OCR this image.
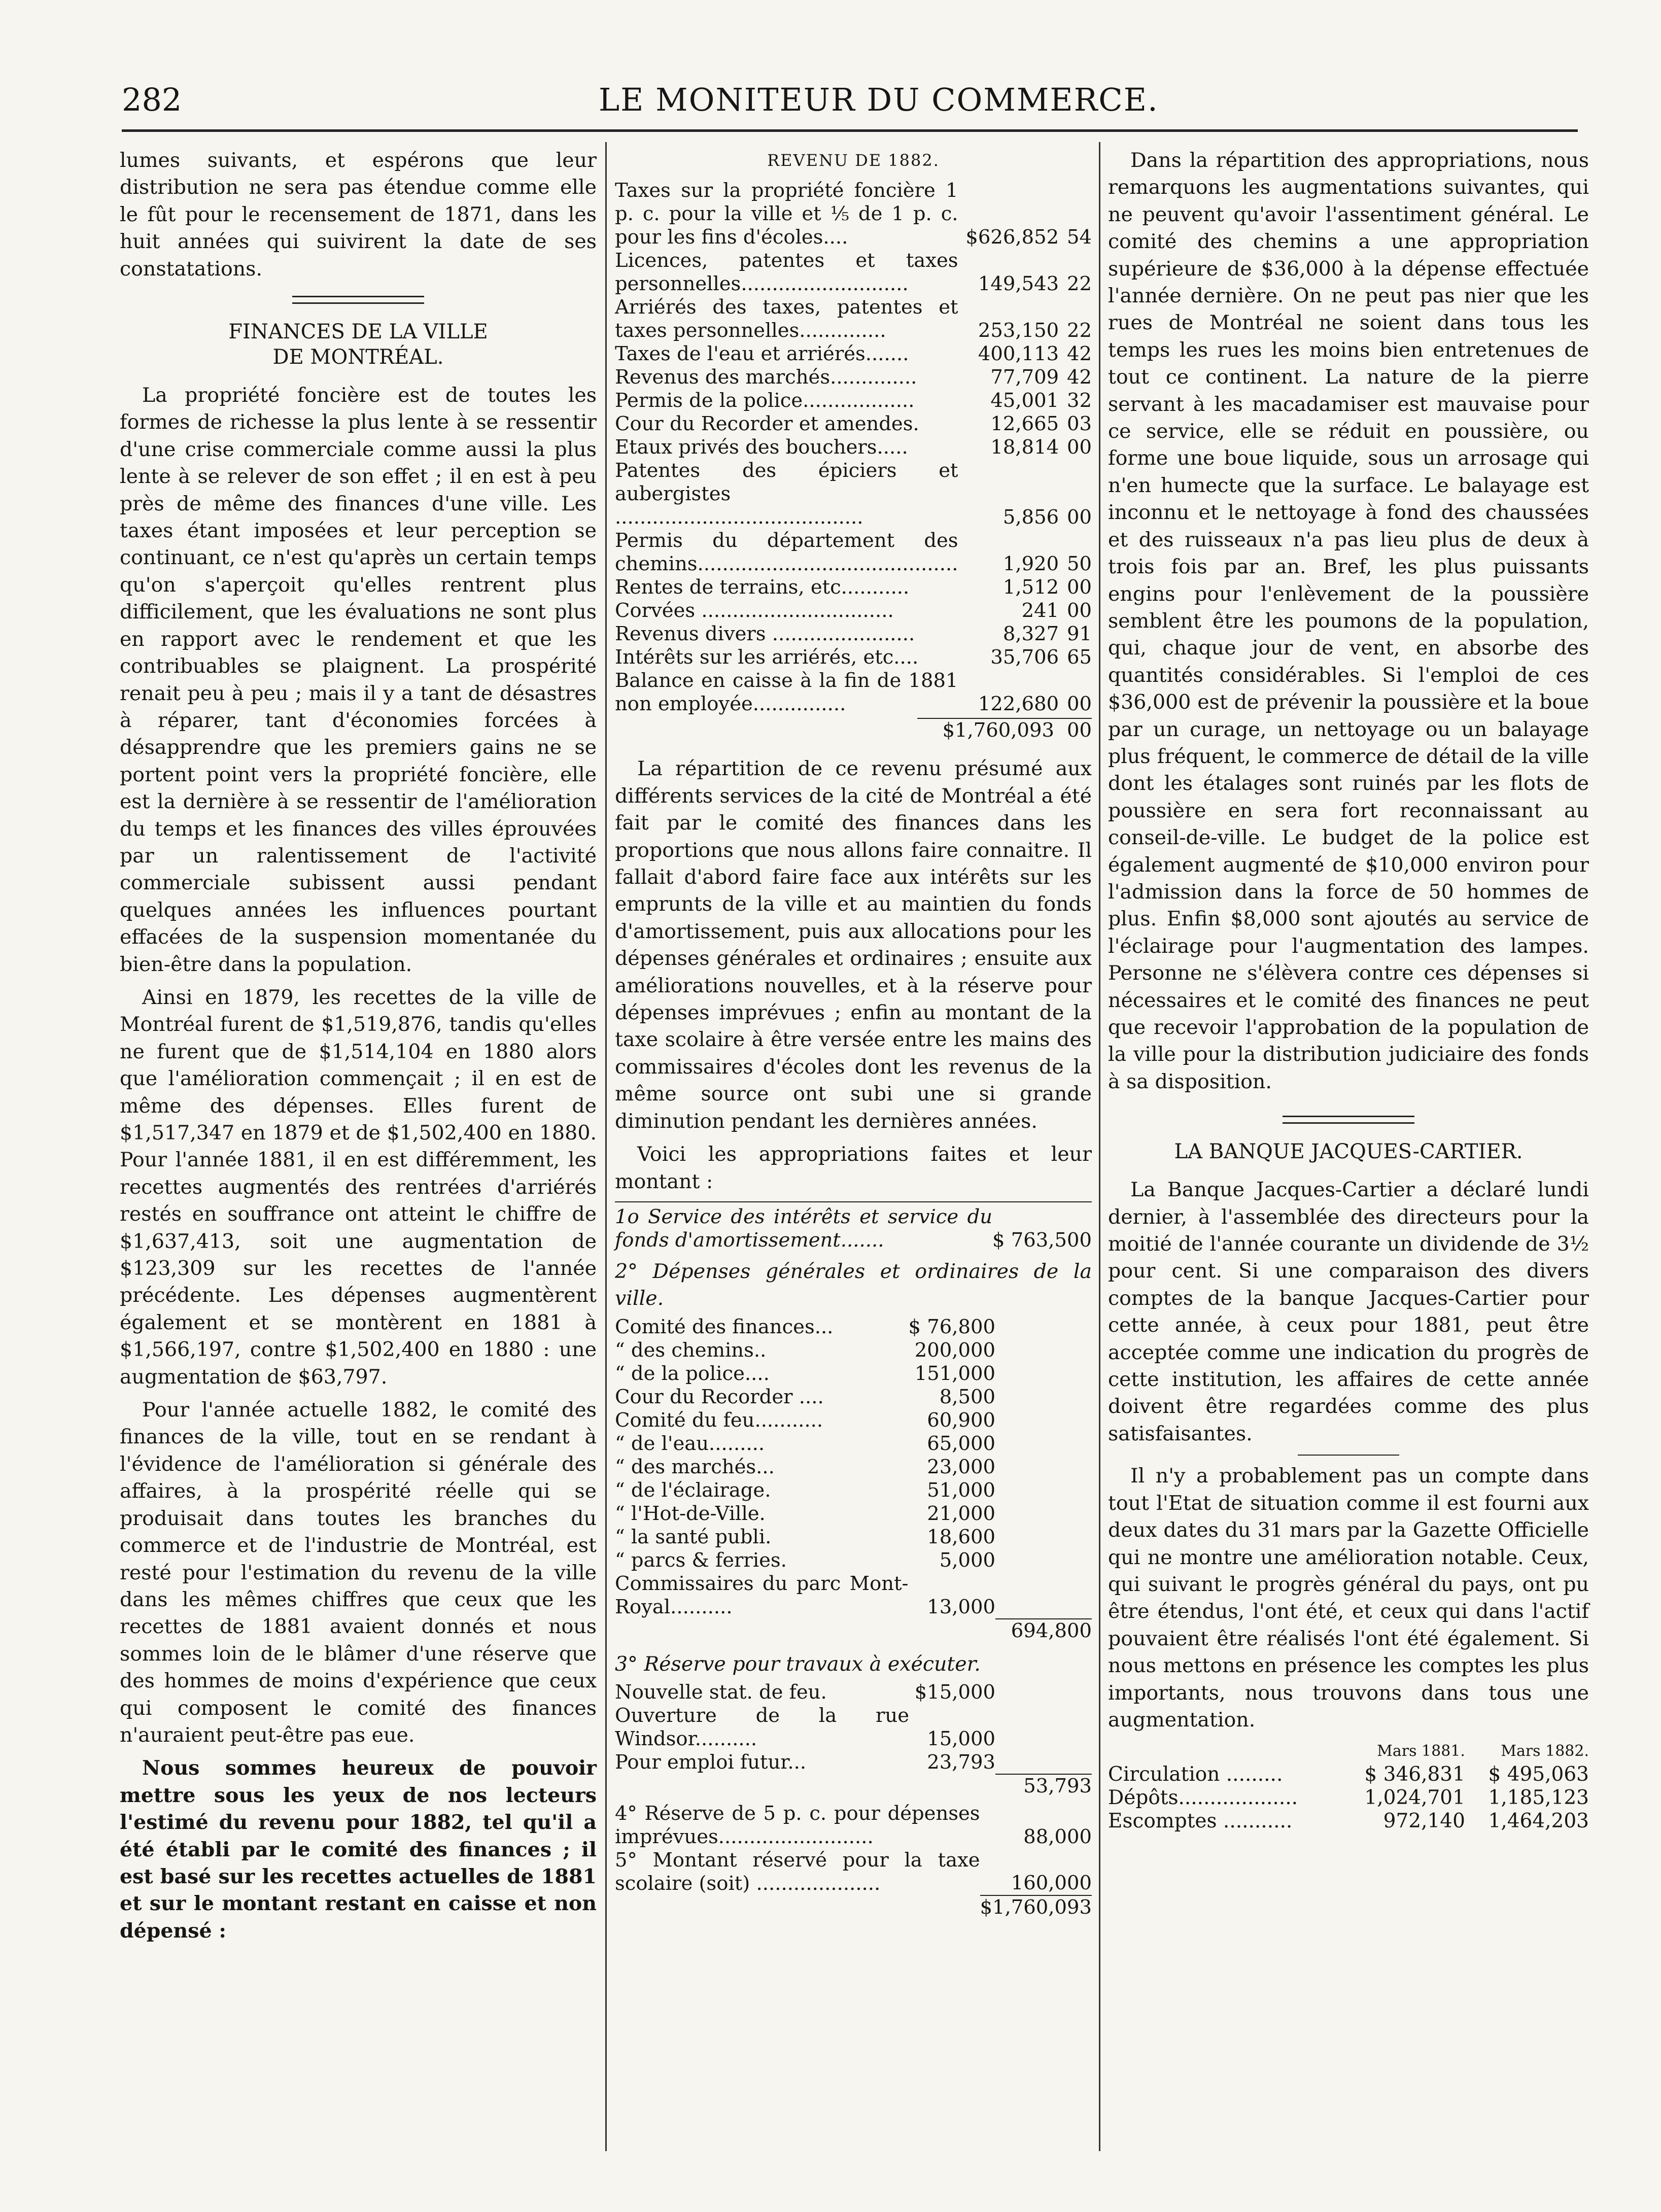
282	LE MONITEUR DU COMMERCE.

lumes suivants, et espérons que leur distribution ne sera pas étendue comme elle le fût pour le recensement de 1871, dans les huit années qui suivirent la date de ses constatations.

FINANCES DE LA VILLE
DE MONTRÉAL.

La propriété foncière est de toutes les formes de richesse la plus lente à se ressentir d'une crise commerciale comme aussi la plus lente à se relever de son effet ; il en est à peu près de même des finances d'une ville. Les taxes étant imposées et leur perception se continuant, ce n'est qu'après un certain temps qu'on s'aperçoit qu'elles rentrent plus difficilement, que les évaluations ne sont plus en rapport avec le rendement et que les contribuables se plaignent. La prospérité renait peu à peu ; mais il y a tant de désastres à réparer, tant d'économies forcées à désapprendre que les premiers gains ne se portent point vers la propriété foncière, elle est la dernière à se ressentir de l'amélioration du temps et les finances des villes éprouvées par un ralentissement de l'activité commerciale subissent aussi pendant quelques années les influences pourtant effacées de la suspension momentanée du bien-être dans la population.

Ainsi en 1879, les recettes de la ville de Montréal furent de $1,519,876, tandis qu'elles ne furent que de $1,514,104 en 1880 alors que l'amélioration commençait ; il en est de même des dépenses. Elles furent de $1,517,347 en 1879 et de $1,502,400 en 1880. Pour l'année 1881, il en est différemment, les recettes augmentés des rentrées d'arriérés restés en souffrance ont atteint le chiffre de $1,637,413, soit une augmentation de $123,309 sur les recettes de l'année précédente. Les dépenses augmentèrent également et se montèrent en 1881 à $1,566,197, contre $1,502,400 en 1880 : une augmentation de $63,797.

Pour l'année actuelle 1882, le comité des finances de la ville, tout en se rendant à l'évidence de l'amélioration si générale des affaires, à la prospérité réelle qui se produisait dans toutes les branches du commerce et de l'industrie de Montréal, est resté pour l'estimation du revenu de la ville dans les mêmes chiffres que ceux que les recettes de 1881 avaient donnés et nous sommes loin de le blâmer d'une réserve que des hommes de moins d'expérience que ceux qui composent le comité des finances n'auraient peut-être pas eue.

Nous sommes heureux de pouvoir mettre sous les yeux de nos lecteurs l'estimé du revenu pour 1882, tel qu'il a été établi par le comité des finances ; il est basé sur les recettes actuelles de 1881 et sur le montant restant en caisse et non dépensé :

REVENU DE 1882.
Taxes sur la propriété foncière 1 p. c. pour la ville et ⅕ de 1 p. c. pour les fins d'écoles....	$626,852	54
Licences, patentes et taxes personnelles...........................	149,543	22
Arriérés des taxes, patentes et taxes personnelles..............	253,150	22
Taxes de l'eau et arriérés.......	400,113	42
Revenus des marchés..............	77,709	42
Permis de la police..................	45,001	32
Cour du Recorder et amendes.	12,665	03
Etaux privés des bouchers.....	18,814	00
Patentes des épiciers et aubergistes ........................................	5,856	00
Permis du département des chemins..........................................	1,920	50
Rentes de terrains, etc...........	1,512	00
Corvées ...............................	241	00
Revenus divers .......................	8,327	91
Intérêts sur les arriérés, etc....	35,706	65
Balance en caisse à la fin de 1881 non employée...............	122,680	00
	$1,760,093	00

La répartition de ce revenu présumé aux différents services de la cité de Montréal a été fait par le comité des finances dans les proportions que nous allons faire connaitre. Il fallait d'abord faire face aux intérêts sur les emprunts de la ville et au maintien du fonds d'amortissement, puis aux allocations pour les dépenses générales et ordinaires ; ensuite aux améliorations nouvelles, et à la réserve pour dépenses imprévues ; enfin au montant de la taxe scolaire à être versée entre les mains des commissaires d'écoles dont les revenus de la même source ont subi une si grande diminution pendant les dernières années.

Voici les appropriations faites et leur montant :

1o Service des intérêts et service du fonds d'amortissement.......	$ 763,500
2° Dépenses générales et ordinaires de la ville.
Comité des finances...	$ 76,800	
“ des chemins..	200,000	
“ de la police....	151,000	
Cour du Recorder ....	8,500	
Comité du feu...........	60,900	
“ de l'eau.........	65,000	
“ des marchés...	23,000	
“ de l'éclairage.	51,000	
“ l'Hot-de-Ville.	21,000	
“ la santé publi.	18,600	
“ parcs & ferries.	5,000	
Commissaires du parc Mont-Royal..........	13,000	
		694,800
3° Réserve pour travaux à exécuter.
Nouvelle stat. de feu.	$15,000	
Ouverture de la rue Windsor..........	15,000	
Pour emploi futur...	23,793	
		53,793
4° Réserve de 5 p. c. pour dépenses imprévues.........................	88,000
5° Montant réservé pour la taxe scolaire (soit) ....................	160,000
	$1,760,093

Dans la répartition des appropriations, nous remarquons les augmentations suivantes, qui ne peuvent qu'avoir l'assentiment général. Le comité des chemins a une appropriation supérieure de $36,000 à la dépense effectuée l'année dernière. On ne peut pas nier que les rues de Montréal ne soient dans tous les temps les rues les moins bien entretenues de tout ce continent. La nature de la pierre servant à les macadamiser est mauvaise pour ce service, elle se réduit en poussière, ou forme une boue liquide, sous un arrosage qui n'en humecte que la surface. Le balayage est inconnu et le nettoyage à fond des chaussées et des ruisseaux n'a pas lieu plus de deux à trois fois par an. Bref, les plus puissants engins pour l'enlèvement de la poussière semblent être les poumons de la population, qui, chaque jour de vent, en absorbe des quantités considérables. Si l'emploi de ces $36,000 est de prévenir la poussière et la boue par un curage, un nettoyage ou un balayage plus fréquent, le commerce de détail de la ville dont les étalages sont ruinés par les flots de poussière en sera fort reconnaissant au conseil-de-ville. Le budget de la police est également augmenté de $10,000 environ pour l'admission dans la force de 50 hommes de plus. Enfin $8,000 sont ajoutés au service de l'éclairage pour l'augmentation des lampes. Personne ne s'élèvera contre ces dépenses si nécessaires et le comité des finances ne peut que recevoir l'approbation de la population de la ville pour la distribution judiciaire des fonds à sa disposition.

LA BANQUE JACQUES-CARTIER.

La Banque Jacques-Cartier a déclaré lundi dernier, à l'assemblée des directeurs pour la moitié de l'année courante un dividende de 3½ pour cent. Si une comparaison des divers comptes de la banque Jacques-Cartier pour cette année, à ceux pour 1881, peut être acceptée comme une indication du progrès de cette institution, les affaires de cette année doivent être regardées comme des plus satisfaisantes.

Il n'y a probablement pas un compte dans tout l'Etat de situation comme il est fourni aux deux dates du 31 mars par la Gazette Officielle qui ne montre une amélioration notable. Ceux, qui suivant le progrès général du pays, ont pu être étendus, l'ont été, et ceux qui dans l'actif pouvaient être réalisés l'ont été également. Si nous mettons en présence les comptes les plus importants, nous trouvons dans tous une augmentation.

	Mars 1881.	Mars 1882.
Circulation .........	$ 346,831	$ 495,063
Dépôts...................	1,024,701	1,185,123
Escomptes ...........	972,140	1,464,203
